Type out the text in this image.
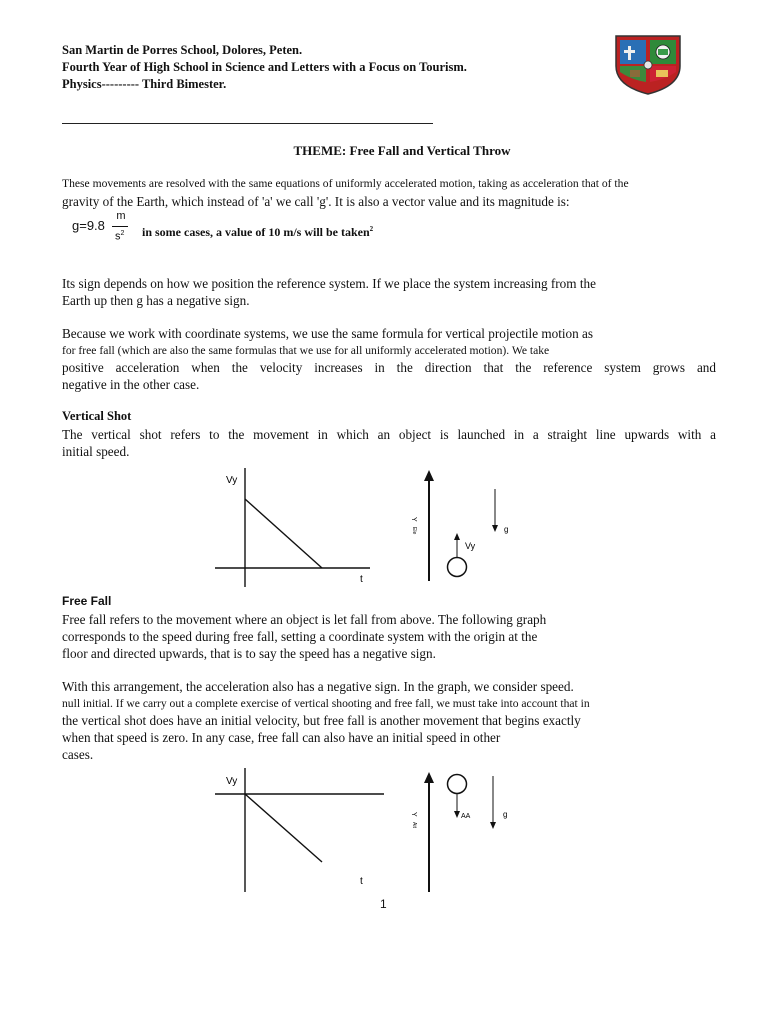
San Martin de Porres School, Dolores, Peten.
Fourth Year of High School in Science and Letters with a Focus on Tourism.
Physics--------- Third Bimester.
THEME: Free Fall and Vertical Throw
These movements are resolved with the same equations of uniformly accelerated motion, taking as acceleration that of the
gravity of the Earth, which instead of 'a' we call 'g'. It is also a vector value and its magnitude is:
g=9.8
m
$s^2$ in some cases, a value of 10 m/s will be taken$^2$
Its sign depends on how we position the reference system. If we place the system increasing from the
Earth up then g has a negative sign.
Because we work with coordinate systems, we use the same formula for vertical projectile motion as
for free fall (which are also the same formulas that we use for all uniformly accelerated motion). We take
positive acceleration when the velocity increases in the direction that the reference system grows and
negative in the other case.
Vertical Shot
The vertical shot refers to the movement in which an object is launched in a straight line upwards with a
initial speed.
Vy
t
Y
Ele	g
Vy
Free Fall
Free fall refers to the movement where an object is let fall from above. The following graph
corresponds to the speed during free fall, setting a coordinate system with the origin at the
floor and directed upwards, that is to say the speed has a negative sign.
With this arrangement, the acceleration also has a negative sign. In the graph, we consider speed.
null initial. If we carry out a complete exercise of vertical shooting and free fall, we must take into account that in
the vertical shot does have an initial velocity, but free fall is another movement that begins exactly
when that speed is zero. In any case, free fall can also have an initial speed in other
cases.
Vy
t
Y
Ait
AA	g
1
